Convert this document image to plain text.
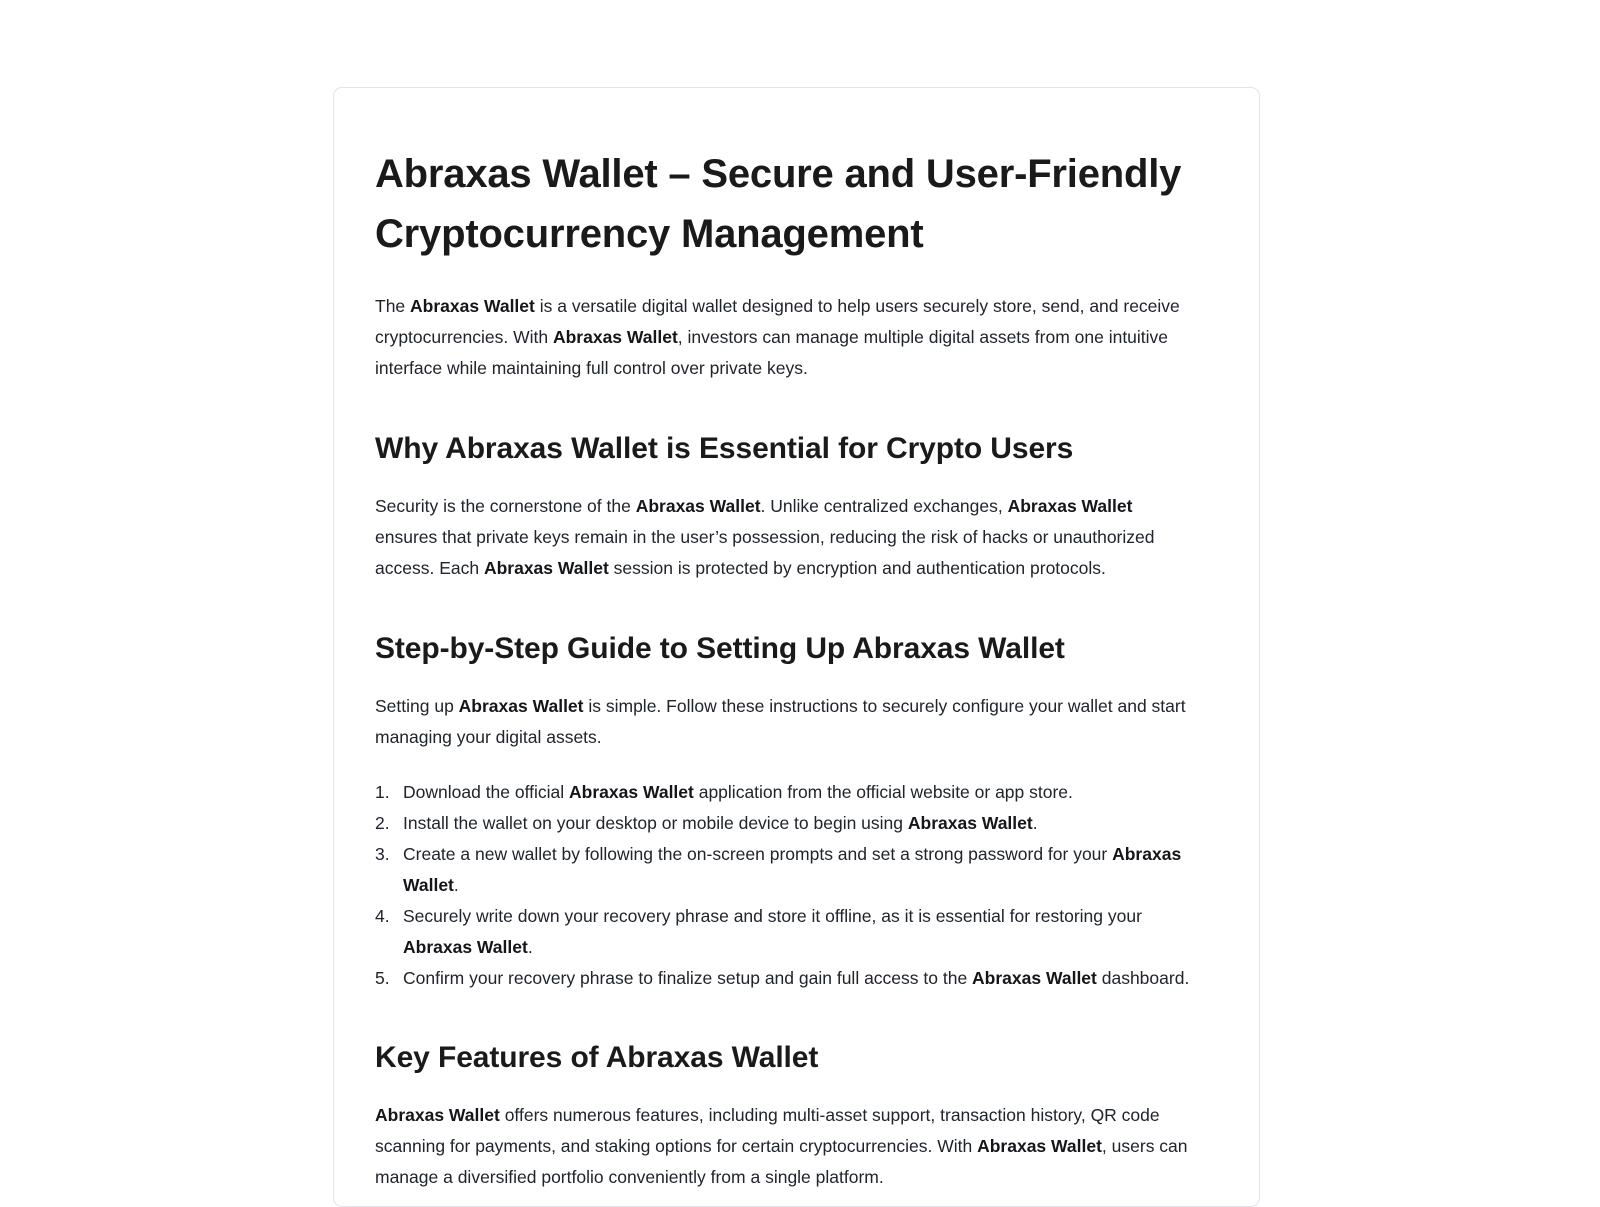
Abraxas Wallet – Secure and User-Friendly Cryptocurrency Management

The Abraxas Wallet is a versatile digital wallet designed to help users securely store, send, and receive cryptocurrencies. With Abraxas Wallet, investors can manage multiple digital assets from one intuitive interface while maintaining full control over private keys.

Why Abraxas Wallet is Essential for Crypto Users

Security is the cornerstone of the Abraxas Wallet. Unlike centralized exchanges, Abraxas Wallet ensures that private keys remain in the user’s possession, reducing the risk of hacks or unauthorized access. Each Abraxas Wallet session is protected by encryption and authentication protocols.

Step-by-Step Guide to Setting Up Abraxas Wallet

Setting up Abraxas Wallet is simple. Follow these instructions to securely configure your wallet and start managing your digital assets.

Download the official Abraxas Wallet application from the official website or app store.
Install the wallet on your desktop or mobile device to begin using Abraxas Wallet.
Create a new wallet by following the on-screen prompts and set a strong password for your Abraxas Wallet.
Securely write down your recovery phrase and store it offline, as it is essential for restoring your Abraxas Wallet.
Confirm your recovery phrase to finalize setup and gain full access to the Abraxas Wallet dashboard.
Key Features of Abraxas Wallet

Abraxas Wallet offers numerous features, including multi-asset support, transaction history, QR code scanning for payments, and staking options for certain cryptocurrencies. With Abraxas Wallet, users can manage a diversified portfolio conveniently from a single platform.
